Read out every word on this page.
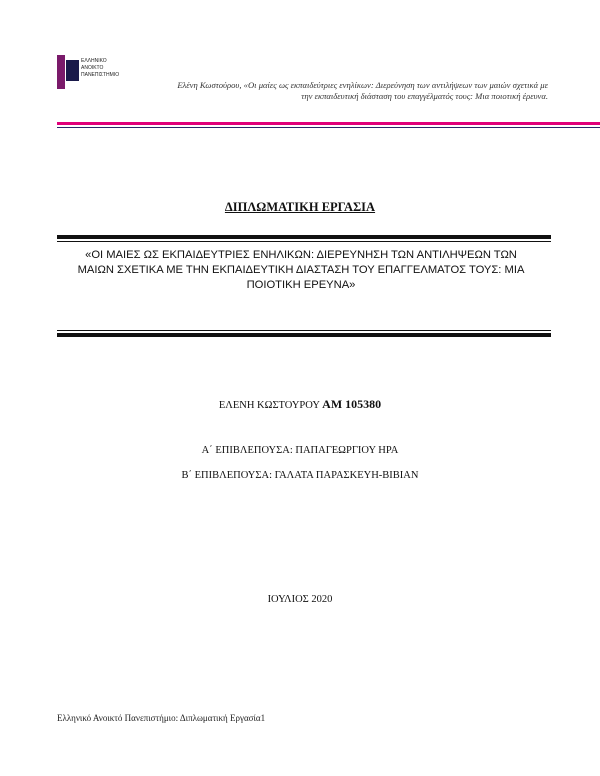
ΕΛΛΗΝΙΚΟ
ΑΝΟΙΚΤΟ
ΠΑΝΕΠΙΣΤΗΜΙΟ
Ελένη Κωστούρου, «Οι μαίες ως εκπαιδεύτριες ενηλίκων: Διερεύνηση των αντιλήψεων των μαιών σχετικά με
την εκπαιδευτική διάσταση του επαγγέλματός τους: Μια ποιοτική έρευνα.
ΔΙΠΛΩΜΑΤΙΚΗ ΕΡΓΑΣΙΑ
«ΟΙ ΜΑΙΕΣ ΩΣ ΕΚΠΑΙΔΕΥΤΡΙΕΣ ΕΝΗΛΙΚΩΝ: ΔΙΕΡΕΥΝΗΣΗ ΤΩΝ ΑΝΤΙΛΗΨΕΩΝ ΤΩΝ
ΜΑΙΩΝ ΣΧΕΤΙΚΑ ΜΕ ΤΗΝ ΕΚΠΑΙΔΕΥΤΙΚΗ ΔΙΑΣΤΑΣΗ ΤΟΥ ΕΠΑΓΓΕΛΜΑΤΟΣ ΤΟΥΣ: ΜΙΑ
ΠΟΙΟΤΙΚΗ ΕΡΕΥΝΑ»
ΕΛΕΝΗ ΚΩΣΤΟΥΡΟΥ ΑΜ 105380
Α΄ ΕΠΙΒΛΕΠΟΥΣΑ: ΠΑΠΑΓΕΩΡΓΙΟΥ ΗΡΑ
Β΄ ΕΠΙΒΛΕΠΟΥΣΑ: ΓΑΛΑΤΑ ΠΑΡΑΣΚΕΥΗ-ΒΙΒΙΑΝ
ΙΟΥΛΙΟΣ 2020
Ελληνικό Ανοικτό Πανεπιστήμιο: Διπλωματική Εργασία1
